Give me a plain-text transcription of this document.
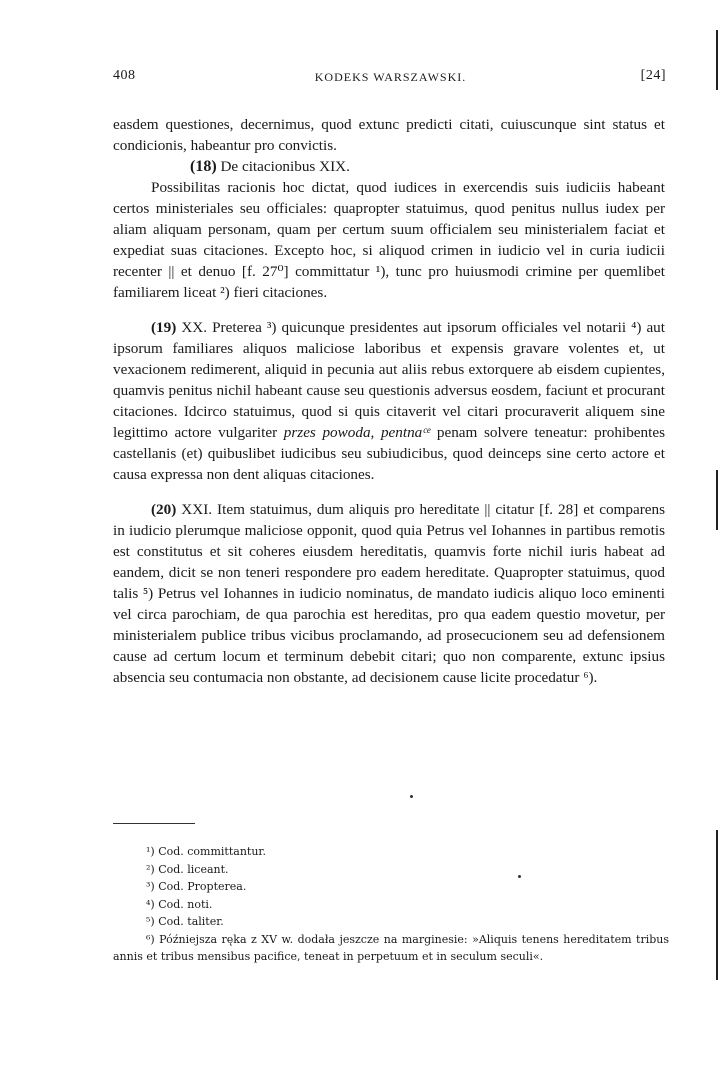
408	KODEKS WARSZAWSKI.	[24]

easdem questiones, decernimus, quod extunc predicti citati, cuiuscunque sint status et condicionis, habeantur pro convictis.

(18) De citacionibus XIX.

Possibilitas racionis hoc dictat, quod iudices in exercendis suis iudiciis habeant certos ministeriales seu officiales: quapropter statuimus, quod penitus nullus iudex per aliam aliquam personam, quam per certum suum officialem seu ministerialem faciat et expediat suas citaciones. Excepto hoc, si aliquod crimen in iudicio vel in curia iudicii recenter || et denuo [f. 27⁰] committatur ¹), tunc pro huiusmodi crimine per quemlibet familiarem liceat ²) fieri citaciones.

(19) XX. Preterea ³) quicunque presidentes aut ipsorum officiales vel notarii ⁴) aut ipsorum familiares aliquos maliciose laboribus et expensis gravare volentes et, ut vexacionem redimerent, aliquid in pecunia aut aliis rebus extorquere ab eisdem cupientes, quamvis penitus nichil habeant cause seu questionis adversus eosdem, faciunt et procurant citaciones. Idcirco statuimus, quod si quis citaverit vel citari procuraverit aliquem sine legittimo actore vulgariter przes powoda, pentnaᶜᵉ penam solvere teneatur: prohibentes castellanis (et) quibuslibet iudicibus seu subiudicibus, quod deinceps sine certo actore et causa expressa non dent aliquas citaciones.

(20) XXI. Item statuimus, dum aliquis pro hereditate || citatur [f. 28] et comparens in iudicio plerumque maliciose opponit, quod quia Petrus vel Iohannes in partibus remotis est constitutus et sit coheres eiusdem hereditatis, quamvis forte nichil iuris habeat ad eandem, dicit se non teneri respondere pro eadem hereditate. Quapropter statuimus, quod talis ⁵) Petrus vel Iohannes in iudicio nominatus, de mandato iudicis aliquo loco eminenti vel circa parochiam, de qua parochia est hereditas, pro qua eadem questio movetur, per ministerialem publice tribus vicibus proclamando, ad prosecucionem seu ad defensionem cause ad certum locum et terminum debebit citari; quo non comparente, extunc ipsius absencia seu contumacia non obstante, ad decisionem cause licite procedatur ⁶).

¹) Cod. committantur.
²) Cod. liceant.
³) Cod. Propterea.
⁴) Cod. noti.
⁵) Cod. taliter.
⁶) Późniejsza ręka z XV w. dodała jeszcze na marginesie: »Aliquis tenens hereditatem tribus annis et tribus mensibus pacifice, teneat in perpetuum et in seculum seculi«.
